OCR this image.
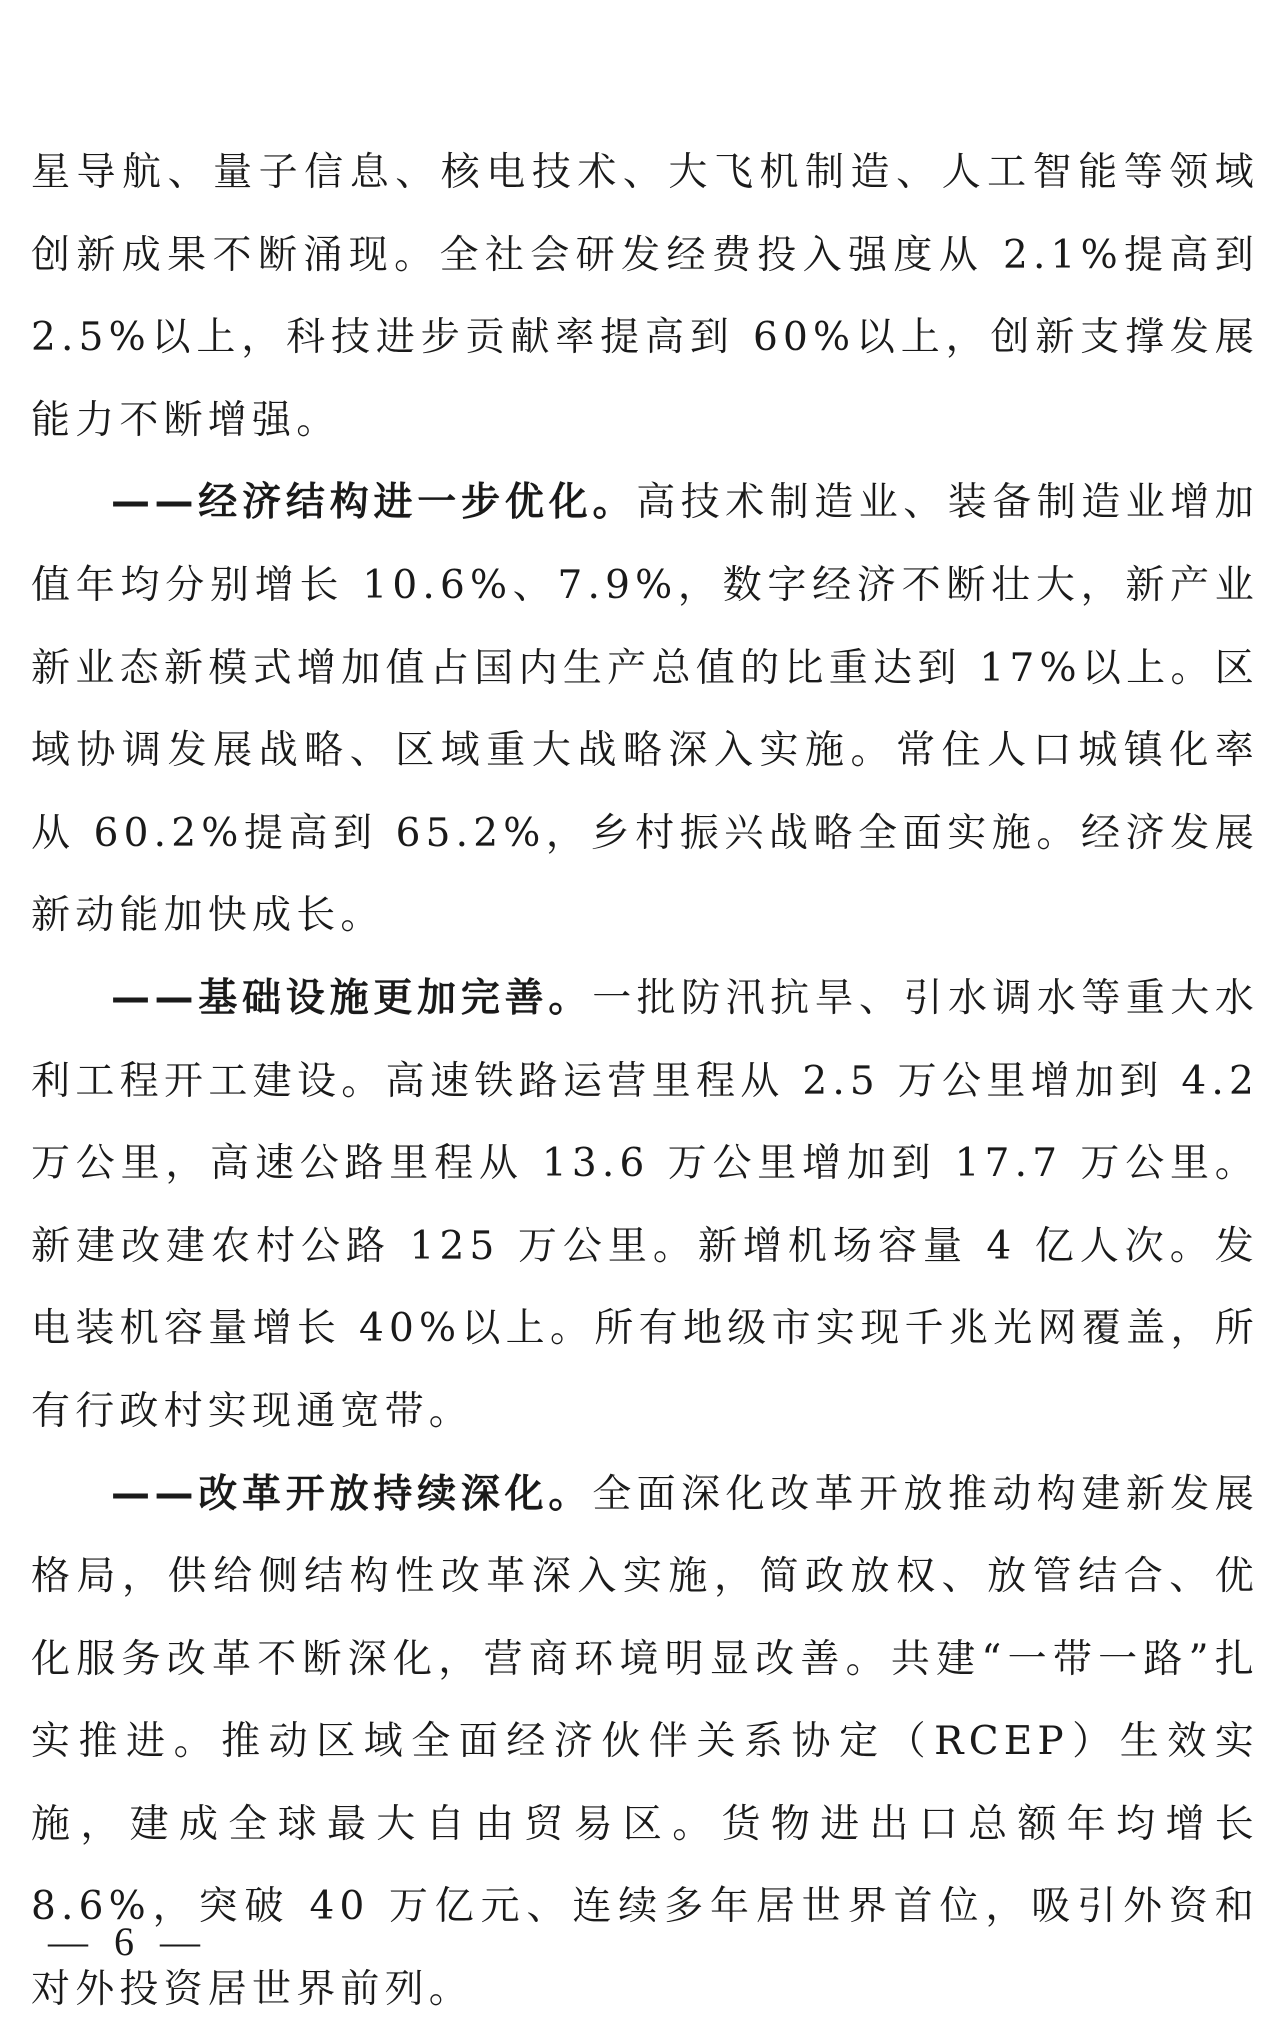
星导航、量子信息、核电技术、大飞机制造、人工智能等领域创新成果不断涌现。全社会研发经费投入强度从 2.1%提高到 2.5%以上，科技进步贡献率提高到 60%以上，创新支撑发展能力不断增强。

——经济结构进一步优化。高技术制造业、装备制造业增加值年均分别增长 10.6%、7.9%，数字经济不断壮大，新产业新业态新模式增加值占国内生产总值的比重达到 17%以上。区域协调发展战略、区域重大战略深入实施。常住人口城镇化率从 60.2%提高到 65.2%，乡村振兴战略全面实施。经济发展新动能加快成长。

——基础设施更加完善。一批防汛抗旱、引水调水等重大水利工程开工建设。高速铁路运营里程从 2.5 万公里增加到 4.2 万公里，高速公路里程从 13.6 万公里增加到 17.7 万公里。新建改建农村公路 125 万公里。新增机场容量 4 亿人次。发电装机容量增长 40%以上。所有地级市实现千兆光网覆盖，所有行政村实现通宽带。

——改革开放持续深化。全面深化改革开放推动构建新发展格局，供给侧结构性改革深入实施，简政放权、放管结合、优化服务改革不断深化，营商环境明显改善。共建“一带一路”扎实推进。推动区域全面经济伙伴关系协定（RCEP）生效实施，建成全球最大自由贸易区。货物进出口总额年均增长 8.6%，突破 40 万亿元、连续多年居世界首位，吸引外资和对外投资居世界前列。

— 6 —
